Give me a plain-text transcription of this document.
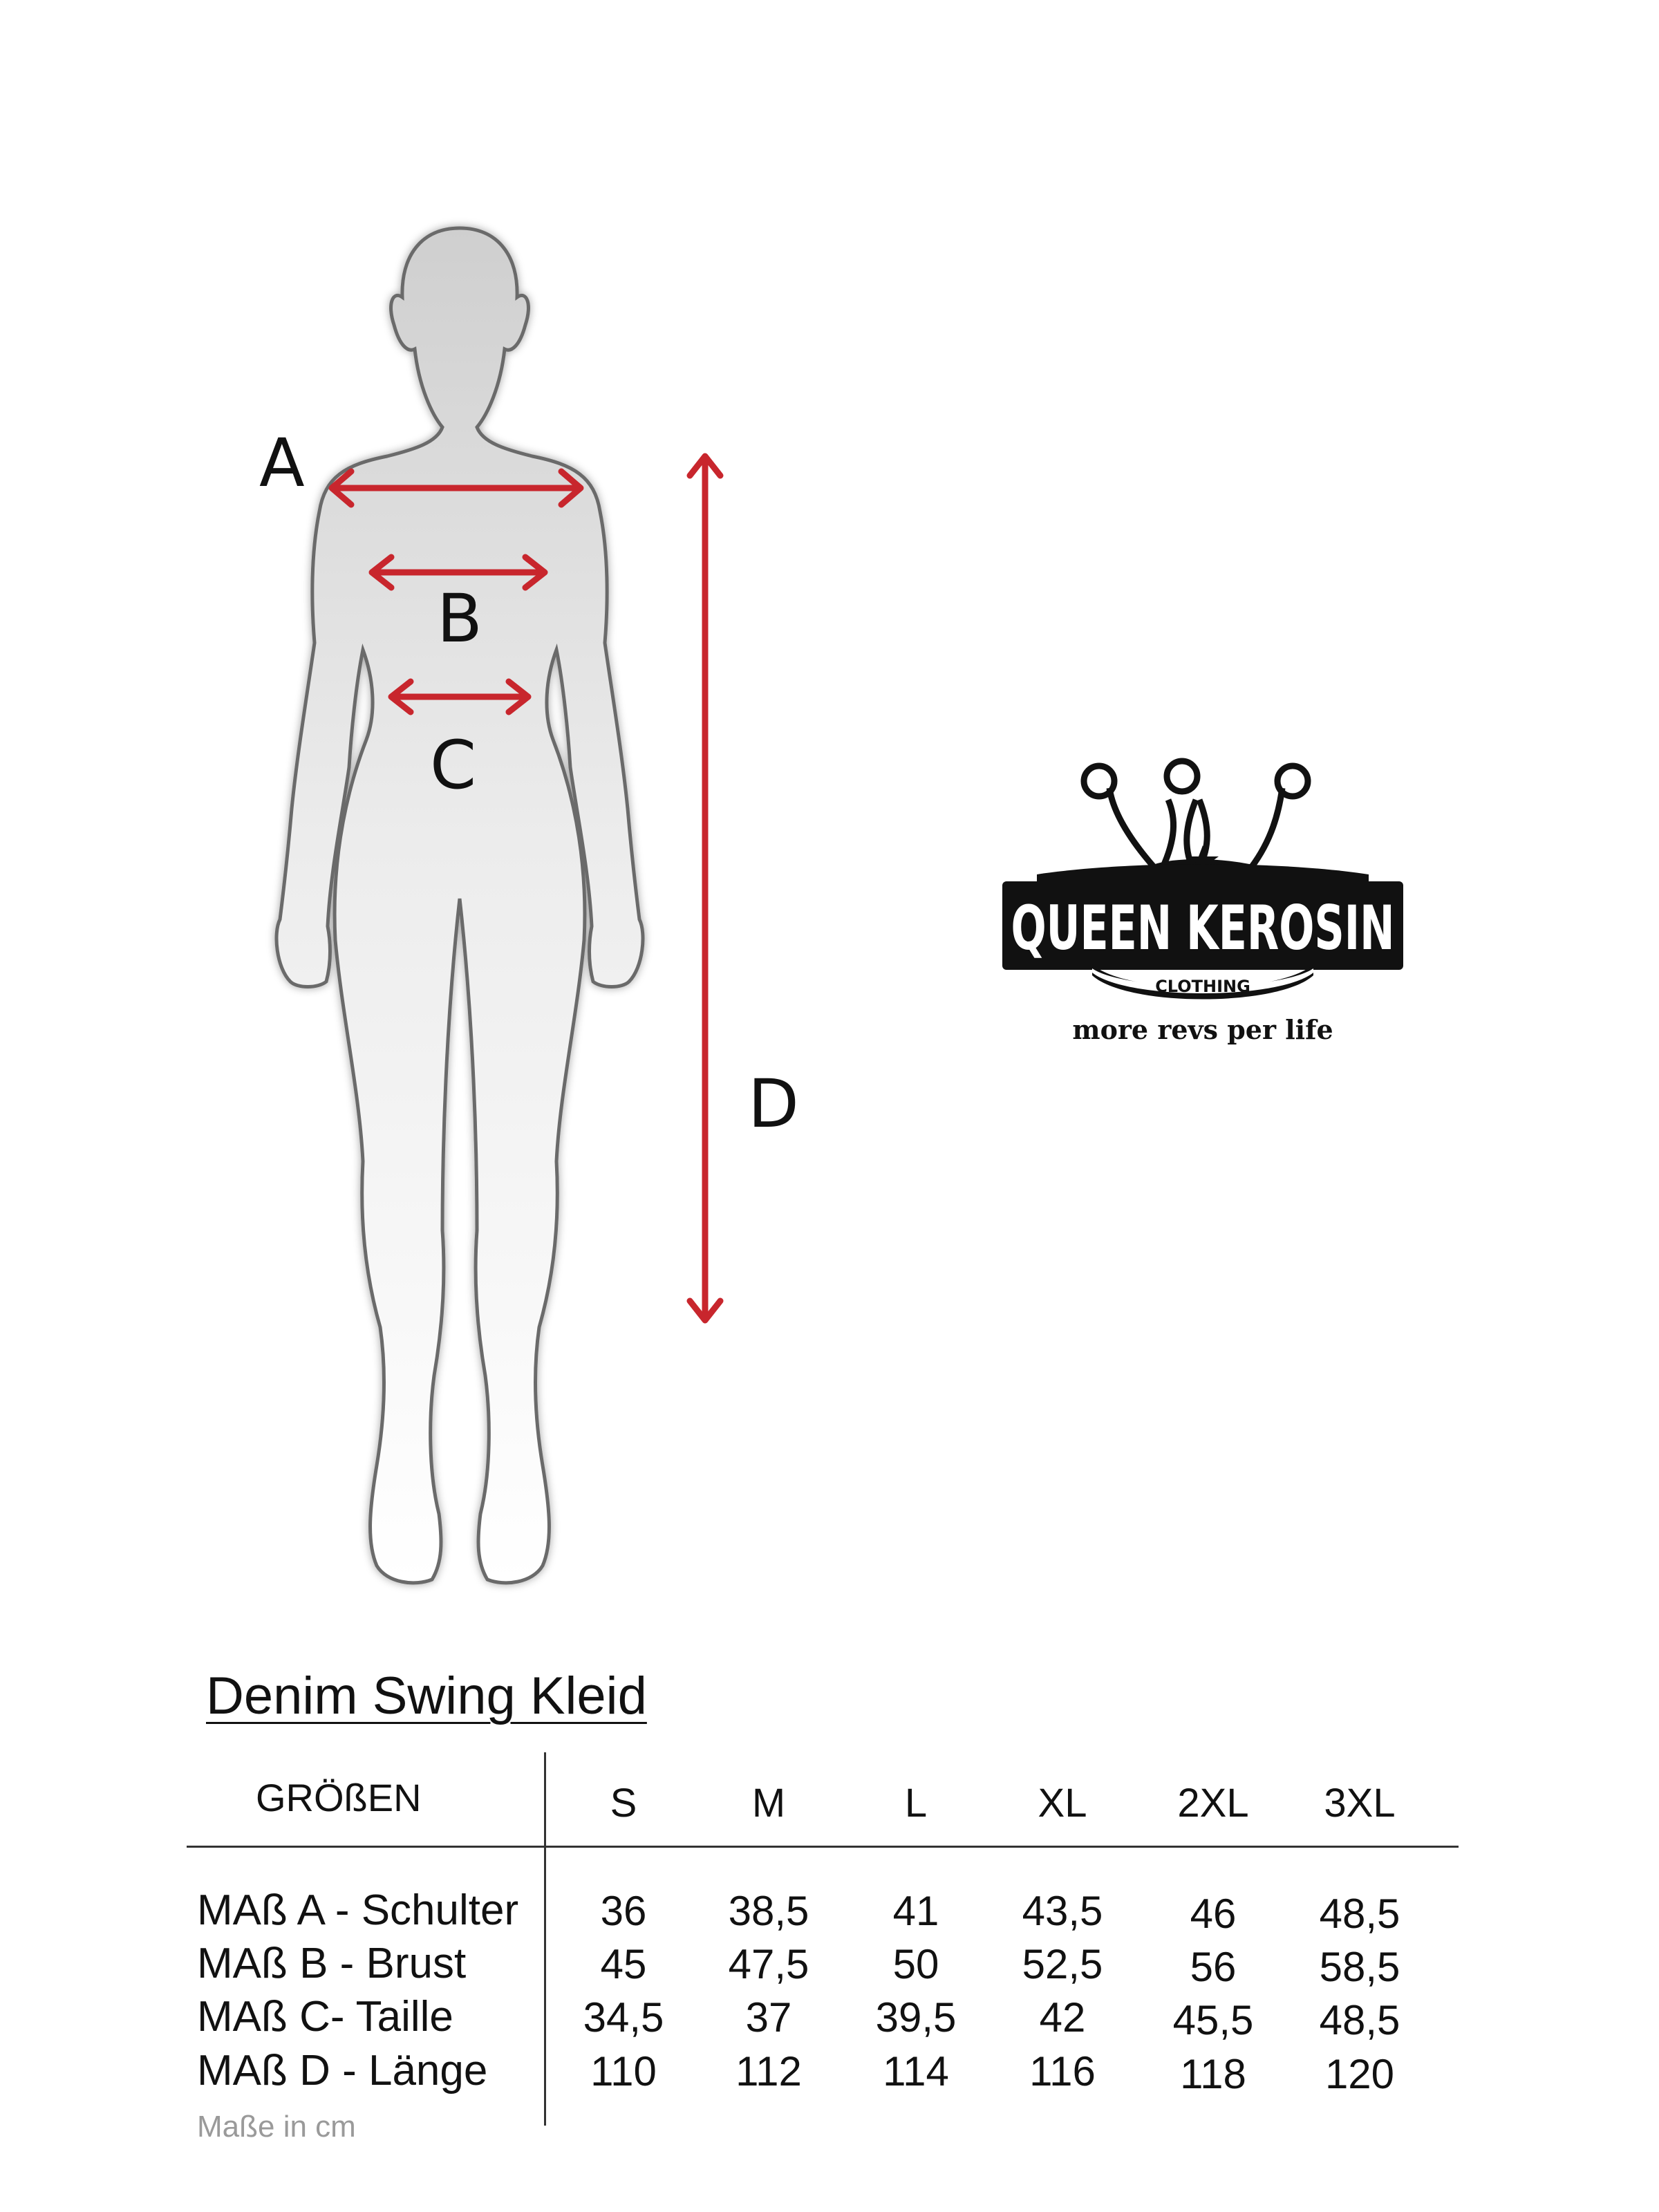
A
B
C
D
QUEEN KEROSIN
CLOTHING
more revs per life
Denim Swing Kleid
GRÖßEN	S	M	L	XL	2XL	3XL
MAß A - Schulter	36	38,5	41	43,5	46	48,5
MAß B - Brust	45	47,5	50	52,5	56	58,5
MAß C- Taille	34,5	37	39,5	42	45,5	48,5
MAß D - Länge	110	112	114	116	118	120
Maße in cm
